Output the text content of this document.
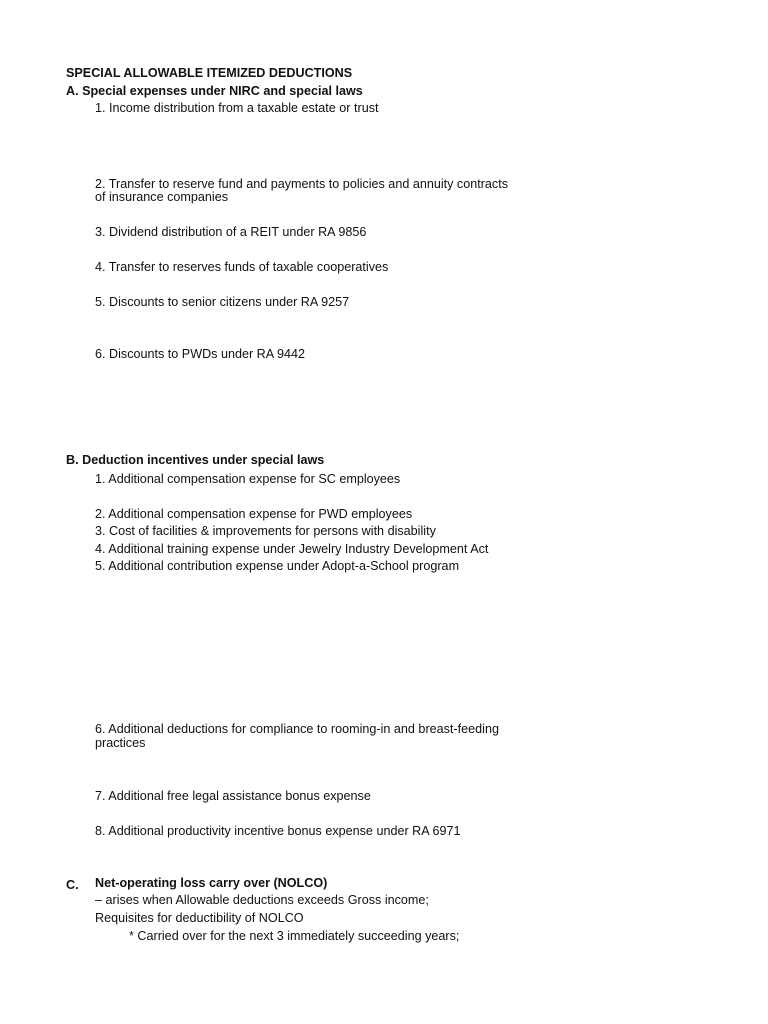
SPECIAL ALLOWABLE ITEMIZED DEDUCTIONS
A. Special expenses under NIRC and special laws
1. Income distribution from a taxable estate or trust
2. Transfer to reserve fund and payments to policies and annuity contracts
of insurance companies
3. Dividend distribution of a REIT under RA 9856
4. Transfer to reserves funds of taxable cooperatives
5. Discounts to senior citizens under RA 9257
6. Discounts to PWDs under RA 9442
B. Deduction incentives under special laws
1. Additional compensation expense for SC employees
2. Additional compensation expense for PWD employees
3. Cost of facilities & improvements for persons with disability
4. Additional training expense under Jewelry Industry Development Act
5. Additional contribution expense under Adopt-a-School program
6. Additional deductions for compliance to rooming-in and breast-feeding
practices
7. Additional free legal assistance bonus expense
8. Additional productivity incentive bonus expense under RA 6971
C. Net-operating loss carry over (NOLCO)
– arises when Allowable deductions exceeds Gross income;
Requisites for deductibility of NOLCO
* Carried over for the next 3 immediately succeeding years;
